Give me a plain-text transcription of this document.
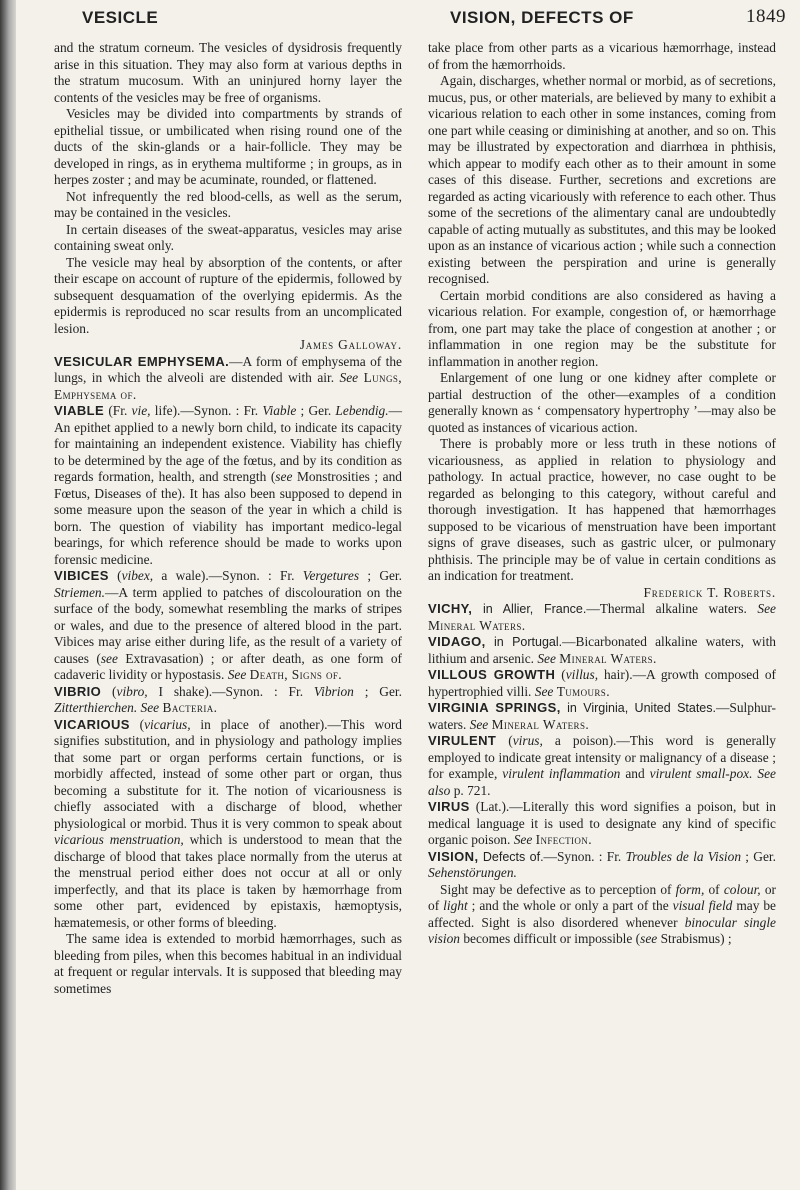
VESICLE	VISION, DEFECTS OF	1849

and the stratum corneum. The vesicles of dysidrosis frequently arise in this situation. They may also form at various depths in the stratum mucosum. With an uninjured horny layer the contents of the vesicles may be free of organisms.

Vesicles may be divided into compartments by strands of epithelial tissue, or umbilicated when rising round one of the ducts of the skin-glands or a hair-follicle. They may be developed in rings, as in erythema multiforme ; in groups, as in herpes zoster ; and may be acuminate, rounded, or flattened.

Not infrequently the red blood-cells, as well as the serum, may be contained in the vesicles.

In certain diseases of the sweat-apparatus, vesicles may arise containing sweat only.

The vesicle may heal by absorption of the contents, or after their escape on account of rupture of the epidermis, followed by subsequent desquamation of the overlying epidermis. As the epidermis is reproduced no scar results from an uncomplicated lesion.

James Galloway.

VESICULAR EMPHYSEMA.—A form of emphysema of the lungs, in which the alveoli are distended with air. See Lungs, Emphysema of.

VIABLE (Fr. vie, life).—Synon. : Fr. Viable ; Ger. Lebendig.—An epithet applied to a newly born child, to indicate its capacity for maintaining an independent existence. Viability has chiefly to be determined by the age of the fœtus, and by its condition as regards formation, health, and strength (see Monstrosities ; and Fœtus, Diseases of the). It has also been supposed to depend in some measure upon the season of the year in which a child is born. The question of viability has important medico-legal bearings, for which reference should be made to works upon forensic medicine.

VIBICES (vibex, a wale).—Synon. : Fr. Vergetures ; Ger. Striemen.—A term applied to patches of discolouration on the surface of the body, somewhat resembling the marks of stripes or wales, and due to the presence of altered blood in the part. Vibices may arise either during life, as the result of a variety of causes (see Extravasation) ; or after death, as one form of cadaveric lividity or hypostasis. See Death, Signs of.

VIBRIO (vibro, I shake).—Synon. : Fr. Vibrion ; Ger. Zitterthierchen. See Bacteria.

VICARIOUS (vicarius, in place of another).—This word signifies substitution, and in physiology and pathology implies that some part or organ performs certain functions, or is morbidly affected, instead of some other part or organ, thus becoming a substitute for it. The notion of vicariousness is chiefly associated with a discharge of blood, whether physiological or morbid. Thus it is very common to speak about vicarious menstruation, which is understood to mean that the discharge of blood that takes place normally from the uterus at the menstrual period either does not occur at all or only imperfectly, and that its place is taken by hæmorrhage from some other part, evidenced by epistaxis, hæmoptysis, hæmatemesis, or other forms of bleeding.

The same idea is extended to morbid hæmorrhages, such as bleeding from piles, when this becomes habitual in an individual at frequent or regular intervals. It is supposed that bleeding may sometimes

take place from other parts as a vicarious hæmorrhage, instead of from the hæmorrhoids.

Again, discharges, whether normal or morbid, as of secretions, mucus, pus, or other materials, are believed by many to exhibit a vicarious relation to each other in some instances, coming from one part while ceasing or diminishing at another, and so on. This may be illustrated by expectoration and diarrhœa in phthisis, which appear to modify each other as to their amount in some cases of this disease. Further, secretions and excretions are regarded as acting vicariously with reference to each other. Thus some of the secretions of the alimentary canal are undoubtedly capable of acting mutually as substitutes, and this may be looked upon as an instance of vicarious action ; while such a connection existing between the perspiration and urine is generally recognised.

Certain morbid conditions are also considered as having a vicarious relation. For example, congestion of, or hæmorrhage from, one part may take the place of congestion at another ; or inflammation in one region may be the substitute for inflammation in another region.

Enlargement of one lung or one kidney after complete or partial destruction of the other—examples of a condition generally known as ‘ compensatory hypertrophy ’—may also be quoted as instances of vicarious action.

There is probably more or less truth in these notions of vicariousness, as applied in relation to physiology and pathology. In actual practice, however, no case ought to be regarded as belonging to this category, without careful and thorough investigation. It has happened that hæmorrhages supposed to be vicarious of menstruation have been important signs of grave diseases, such as gastric ulcer, or pulmonary phthisis. The principle may be of value in certain conditions as an indication for treatment.

Frederick T. Roberts.

VICHY, in Allier, France.—Thermal alkaline waters. See Mineral Waters.

VIDAGO, in Portugal.—Bicarbonated alkaline waters, with lithium and arsenic. See Mineral Waters.

VILLOUS GROWTH (villus, hair).—A growth composed of hypertrophied villi. See Tumours.

VIRGINIA SPRINGS, in Virginia, United States.—Sulphur-waters. See Mineral Waters.

VIRULENT (virus, a poison).—This word is generally employed to indicate great intensity or malignancy of a disease ; for example, virulent inflammation and virulent small-pox. See also p. 721.

VIRUS (Lat.).—Literally this word signifies a poison, but in medical language it is used to designate any kind of specific organic poison. See Infection.

VISION, Defects of.—Synon. : Fr. Troubles de la Vision ; Ger. Sehenstörungen.

Sight may be defective as to perception of form, of colour, or of light ; and the whole or only a part of the visual field may be affected. Sight is also disordered whenever binocular single vision becomes difficult or impossible (see Strabismus) ;
